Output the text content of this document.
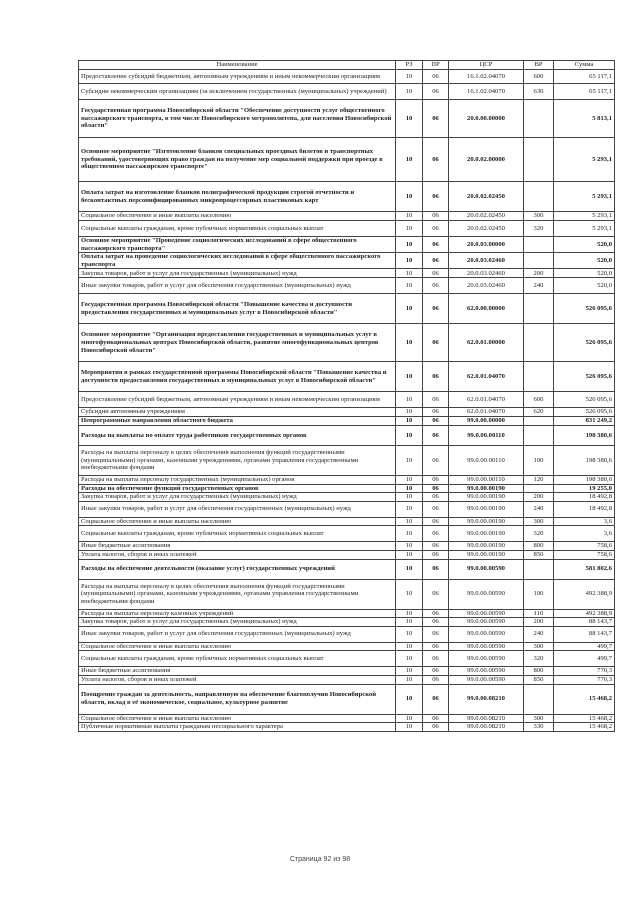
Наименование	РЗ	ПР	ЦСР	ВР	Сумма
Предоставление субсидий бюджетным, автономным учреждениям и иным некоммерческим организациям	10	06	16.1.02.04070	600	65 117,1
Субсидии некоммерческим организациям (за исключением государственных (муниципальных) учреждений)	10	06	16.1.02.04070	630	65 117,1
Государственная программа Новосибирской области "Обеспечение доступности услуг общественного пассажирского транспорта, в том числе Новосибирского метрополитена, для населения Новосибирской области"	10	06	20.0.00.00000		5 813,1
Основное мероприятие "Изготовление бланков специальных проездных билетов и транспортных требований, удостоверяющих право граждан на получение мер социальной поддержки при проезде в общественном пассажирском транспорте"	10	06	20.0.02.00000		5 293,1
Оплата затрат на изготовление бланков полиграфической продукции строгой отчетности и бесконтактных персонифицированных микропроцессорных пластиковых карт	10	06	20.0.02.02450		5 293,1
Социальное обеспечение и иные выплаты населению	10	06	20.0.02.02450	300	5 293,1
Социальные выплаты гражданам, кроме публичных нормативных социальных выплат	10	06	20.0.02.02450	320	5 293,1
Основное мероприятие "Проведение социологических исследований в сфере общественного пассажирского транспорта"	10	06	20.0.03.00000		520,0
Оплата затрат на проведение социологических исследований в сфере общественного пассажирского транспорта	10	06	20.0.03.02460		520,0
Закупка товаров, работ и услуг для государственных (муниципальных) нужд	10	06	20.0.03.02460	200	520,0
Иные закупки товаров, работ и услуг для обеспечения государственных (муниципальных) нужд	10	06	20.0.03.02460	240	520,0
Государственная программа Новосибирской области "Повышение качества и доступности предоставления государственных и муниципальных услуг в Новосибирской области"	10	06	62.0.00.00000		526 095,6
Основное мероприятие "Организация предоставления государственных и муниципальных услуг в многофункциональных центрах Новосибирской области, развитие многофункциональных центров Новосибирской области"	10	06	62.0.01.00000		526 095,6
Мероприятия в рамках государственной программы Новосибирской области "Повышение качества и доступности предоставления государственных и муниципальных услуг в Новосибирской области"	10	06	62.0.01.04070		526 095,6
Предоставление субсидий бюджетным, автономным учреждениям и иным некоммерческим организациям	10	06	62.0.01.04070	600	526 095,6
Субсидии автономным учреждениям	10	06	62.0.01.04070	620	526 095,6
Непрограммные направления областного бюджета	10	06	99.0.00.00000		831 249,2
Расходы на выплаты по оплате труда работников государственных органов	10	06	99.0.00.00110		198 380,6
Расходы на выплаты персоналу в целях обеспечения выполнения функций государственными (муниципальными) органами, казенными учреждениями, органами управления государственными внебюджетными фондами	10	06	99.0.00.00110	100	198 380,6
Расходы на выплаты персоналу государственных (муниципальных) органов	10	06	99.0.00.00110	120	198 380,6
Расходы на обеспечение функций государственных органов	10	06	99.0.00.00190		19 255,0
Закупка товаров, работ и услуг для государственных (муниципальных) нужд	10	06	99.0.00.00190	200	18 492,8
Иные закупки товаров, работ и услуг для обеспечения государственных (муниципальных) нужд	10	06	99.0.00.00190	240	18 492,8
Социальное обеспечение и иные выплаты населению	10	06	99.0.00.00190	300	3,6
Социальные выплаты гражданам, кроме публичных нормативных социальных выплат	10	06	99.0.00.00190	320	3,6
Иные бюджетные ассигнования	10	06	99.0.00.00190	800	758,6
Уплата налогов, сборов и иных платежей	10	06	99.0.00.00190	850	758,6
Расходы на обеспечение деятельности (оказание услуг) государственных учреждений	10	06	99.0.00.00590		581 802,6
Расходы на выплаты персоналу в целях обеспечения выполнения функций государственными (муниципальными) органами, казенными учреждениями, органами управления государственными внебюджетными фондами	10	06	99.0.00.00590	100	492 388,9
Расходы на выплаты персоналу казенных учреждений	10	06	99.0.00.00590	110	492 388,9
Закупка товаров, работ и услуг для государственных (муниципальных) нужд	10	06	99.0.00.00590	200	88 143,7
Иные закупки товаров, работ и услуг для обеспечения государственных (муниципальных) нужд	10	06	99.0.00.00590	240	88 143,7
Социальное обеспечение и иные выплаты населению	10	06	99.0.00.00590	300	499,7
Социальные выплаты гражданам, кроме публичных нормативных социальных выплат	10	06	99.0.00.00590	320	499,7
Иные бюджетные ассигнования	10	06	99.0.00.00590	800	770,3
Уплата налогов, сборов и иных платежей	10	06	99.0.00.00590	850	770,3
Поощрение граждан за деятельность, направленную на обеспечение благополучия Новосибирской области, вклад в её экономическое, социальное, культурное развитие	10	06	99.0.00.08210		15 468,2
Социальное обеспечение и иные выплаты населению	10	06	99.0.00.08210	300	15 468,2
Публичные нормативные выплаты гражданам несоциального характера	10	06	99.0.00.08210	330	15 468,2
Страница 92 из 98
